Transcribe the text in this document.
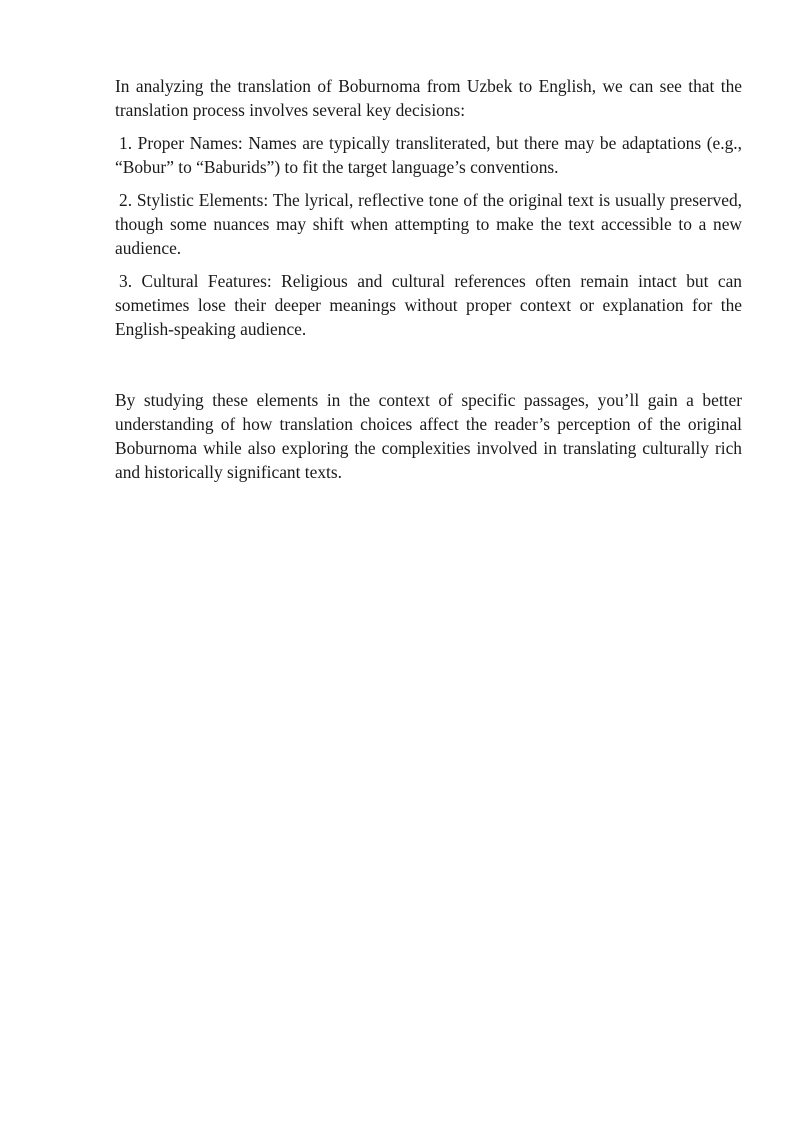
In analyzing the translation of Boburnoma from Uzbek to English, we can see that the translation process involves several key decisions:

1. Proper Names: Names are typically transliterated, but there may be adaptations (e.g., “Bobur” to “Baburids”) to fit the target language’s conventions.

2. Stylistic Elements: The lyrical, reflective tone of the original text is usually preserved, though some nuances may shift when attempting to make the text accessible to a new audience.

3. Cultural Features: Religious and cultural references often remain intact but can sometimes lose their deeper meanings without proper context or explanation for the English-speaking audience.

By studying these elements in the context of specific passages, you’ll gain a better understanding of how translation choices affect the reader’s perception of the original Boburnoma while also exploring the complexities involved in translating culturally rich and historically significant texts.
